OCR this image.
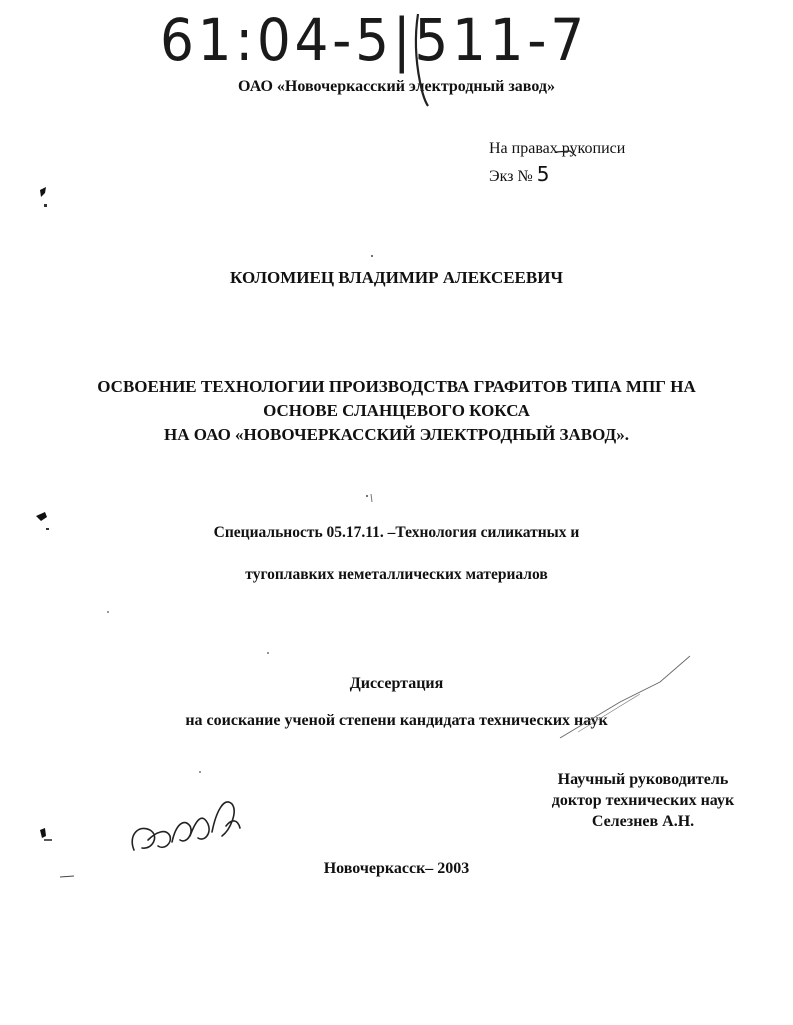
61:04-5|511-7
ОАО «Новочеркасский электродный завод»
На правах рукописи
Экз № 5
КОЛОМИЕЦ ВЛАДИМИР АЛЕКСЕЕВИЧ
ОСВОЕНИЕ ТЕХНОЛОГИИ ПРОИЗВОДСТВА ГРАФИТОВ ТИПА МПГ НА
ОСНОВЕ СЛАНЦЕВОГО КОКСА
НА ОАО «НОВОЧЕРКАССКИЙ ЭЛЕКТРОДНЫЙ ЗАВОД».
Специальность 05.17.11. –Технология силикатных и
тугоплавких неметаллических материалов
Диссертация
на соискание ученой степени кандидата технических наук
Научный руководитель
доктор технических наук
Селезнев А.Н.
Новочеркасск– 2003
